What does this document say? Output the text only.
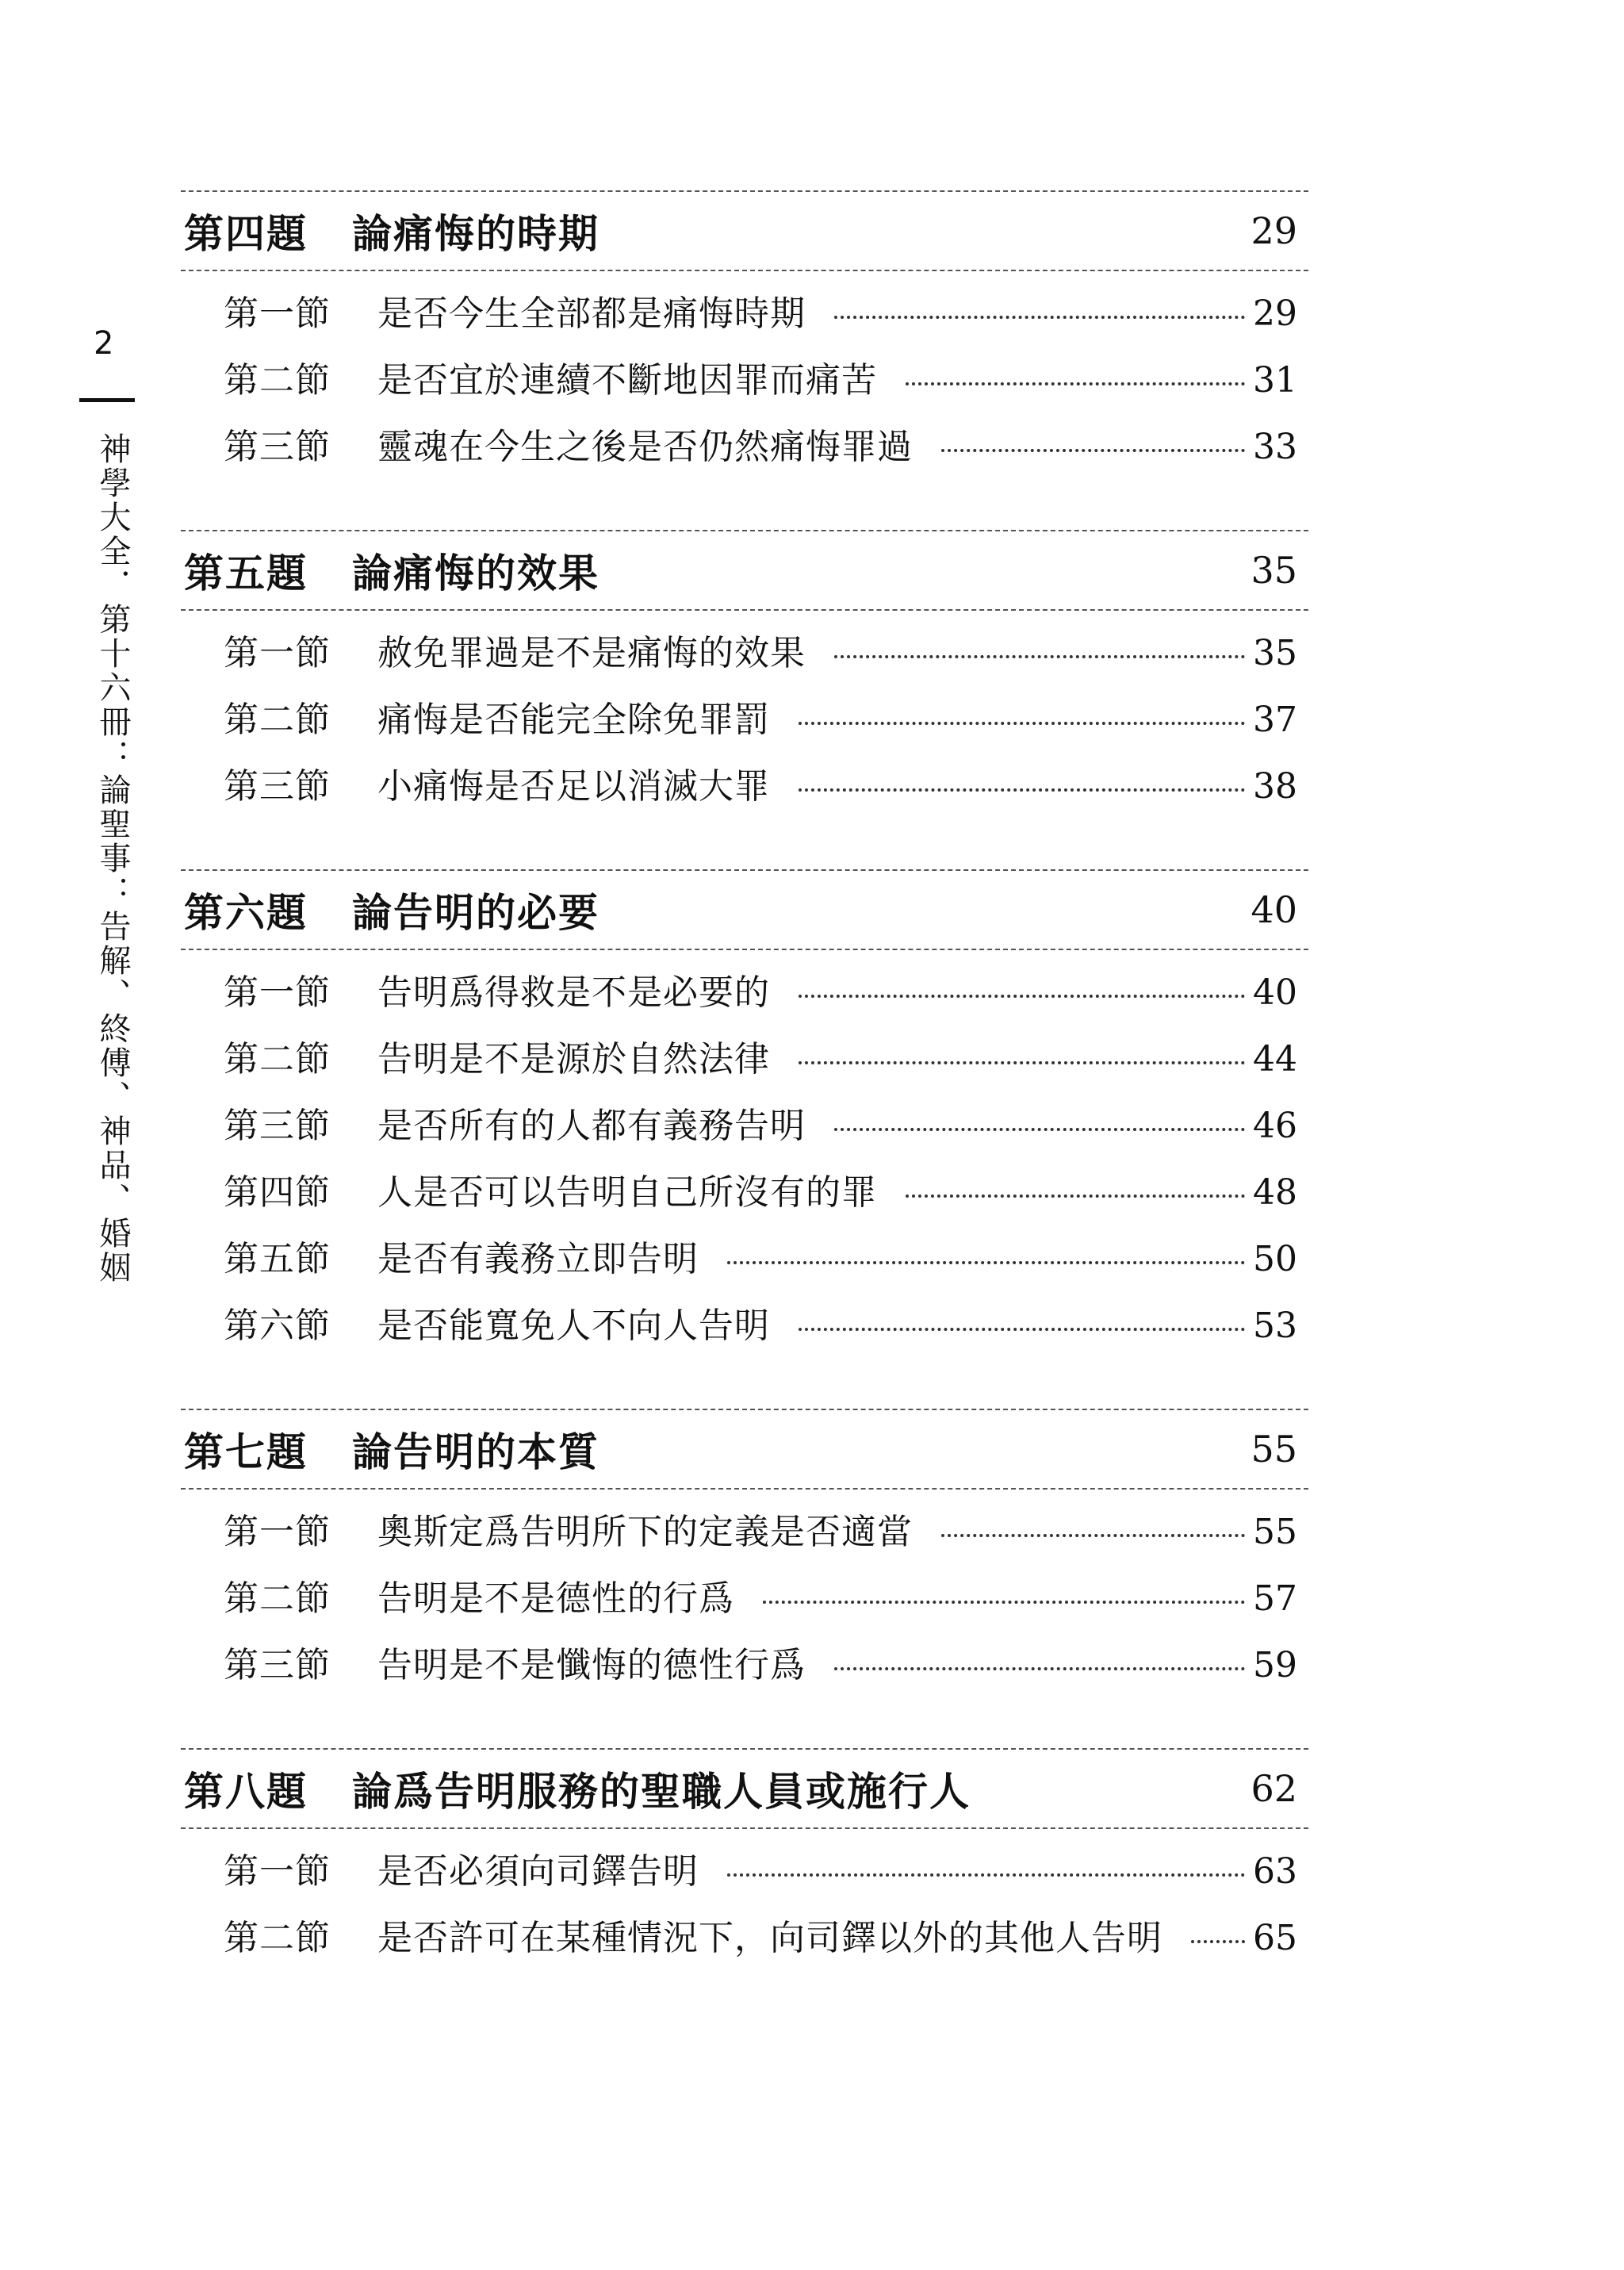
2
神學大全．第十六冊：論聖事：告解、終傅、神品、婚姻
第四題 論痛悔的時期	29
第一節	是否今生全部都是痛悔時期	29
第二節	是否宜於連續不斷地因罪而痛苦	31
第三節	靈魂在今生之後是否仍然痛悔罪過	33
第五題 論痛悔的效果	35
第一節	赦免罪過是不是痛悔的效果	35
第二節	痛悔是否能完全除免罪罰	37
第三節	小痛悔是否足以消滅大罪	38
第六題 論告明的必要	40
第一節	告明爲得救是不是必要的	40
第二節	告明是不是源於自然法律	44
第三節	是否所有的人都有義務告明	46
第四節	人是否可以告明自己所沒有的罪	48
第五節	是否有義務立即告明	50
第六節	是否能寬免人不向人告明	53
第七題 論告明的本質	55
第一節	奧斯定爲告明所下的定義是否適當	55
第二節	告明是不是德性的行爲	57
第三節	告明是不是懺悔的德性行爲	59
第八題 論爲告明服務的聖職人員或施行人	62
第一節	是否必須向司鐸告明	63
第二節	是否許可在某種情況下，向司鐸以外的其他人告明	65
